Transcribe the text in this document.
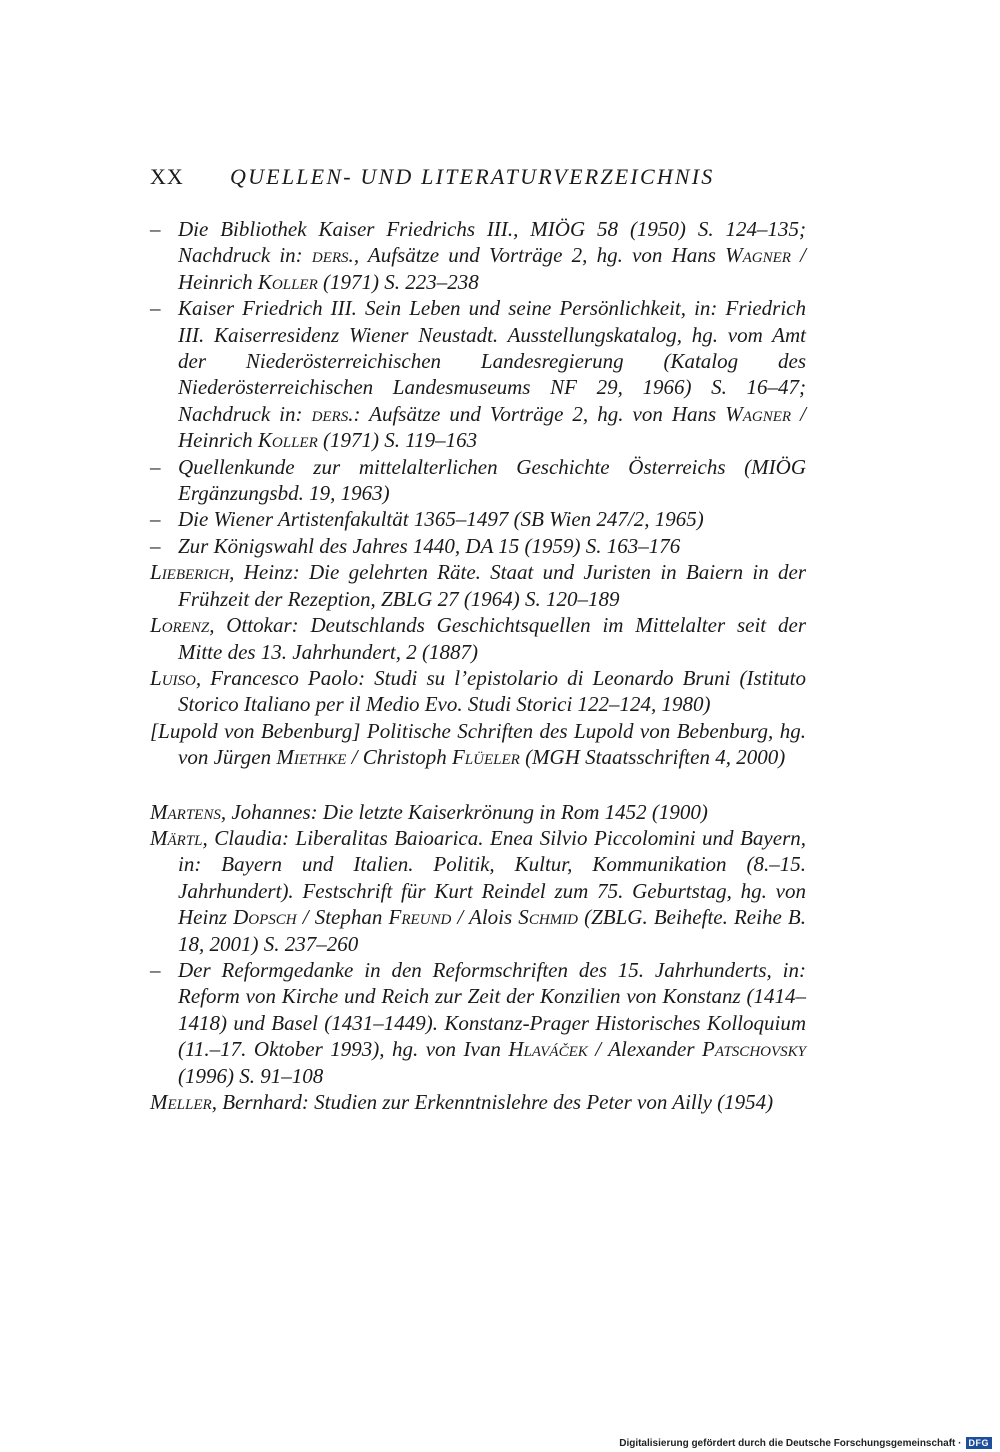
XX QUELLEN- UND LITERATURVERZEICHNIS
– Die Bibliothek Kaiser Friedrichs III., MIÖG 58 (1950) S. 124–135; Nachdruck in: ders., Aufsätze und Vorträge 2, hg. von Hans Wagner / Heinrich Koller (1971) S. 223–238
– Kaiser Friedrich III. Sein Leben und seine Persönlichkeit, in: Friedrich III. Kaiserresidenz Wiener Neustadt. Ausstellungskatalog, hg. vom Amt der Niederösterreichischen Landesregierung (Katalog des Niederösterreichischen Landesmuseums NF 29, 1966) S. 16–47; Nachdruck in: ders.: Aufsätze und Vorträge 2, hg. von Hans Wagner / Heinrich Koller (1971) S. 119–163
– Quellenkunde zur mittelalterlichen Geschichte Österreichs (MIÖG Ergänzungsbd. 19, 1963)
– Die Wiener Artistenfakultät 1365–1497 (SB Wien 247/2, 1965)
– Zur Königswahl des Jahres 1440, DA 15 (1959) S. 163–176
Lieberich, Heinz: Die gelehrten Räte. Staat und Juristen in Baiern in der Frühzeit der Rezeption, ZBLG 27 (1964) S. 120–189
Lorenz, Ottokar: Deutschlands Geschichtsquellen im Mittelalter seit der Mitte des 13. Jahrhundert, 2 (1887)
Luiso, Francesco Paolo: Studi su l’epistolario di Leonardo Bruni (Istituto Storico Italiano per il Medio Evo. Studi Storici 122–124, 1980)
[Lupold von Bebenburg] Politische Schriften des Lupold von Bebenburg, hg. von Jürgen Miethke / Christoph Flüeler (MGH Staatsschriften 4, 2000)
Martens, Johannes: Die letzte Kaiserkrönung in Rom 1452 (1900)
Märtl, Claudia: Liberalitas Baioarica. Enea Silvio Piccolomini und Bayern, in: Bayern und Italien. Politik, Kultur, Kommunikation (8.–15. Jahrhundert). Festschrift für Kurt Reindel zum 75. Geburtstag, hg. von Heinz Dopsch / Stephan Freund / Alois Schmid (ZBLG. Beihefte. Reihe B. 18, 2001) S. 237–260
– Der Reformgedanke in den Reformschriften des 15. Jahrhunderts, in: Reform von Kirche und Reich zur Zeit der Konzilien von Konstanz (1414–1418) und Basel (1431–1449). Konstanz-Prager Historisches Kolloquium (11.–17. Oktober 1993), hg. von Ivan Hlaváček / Alexander Patschovsky (1996) S. 91–108
Meller, Bernhard: Studien zur Erkenntnislehre des Peter von Ailly (1954)
Digitalisierung gefördert durch die Deutsche Forschungsgemeinschaft · DFG
